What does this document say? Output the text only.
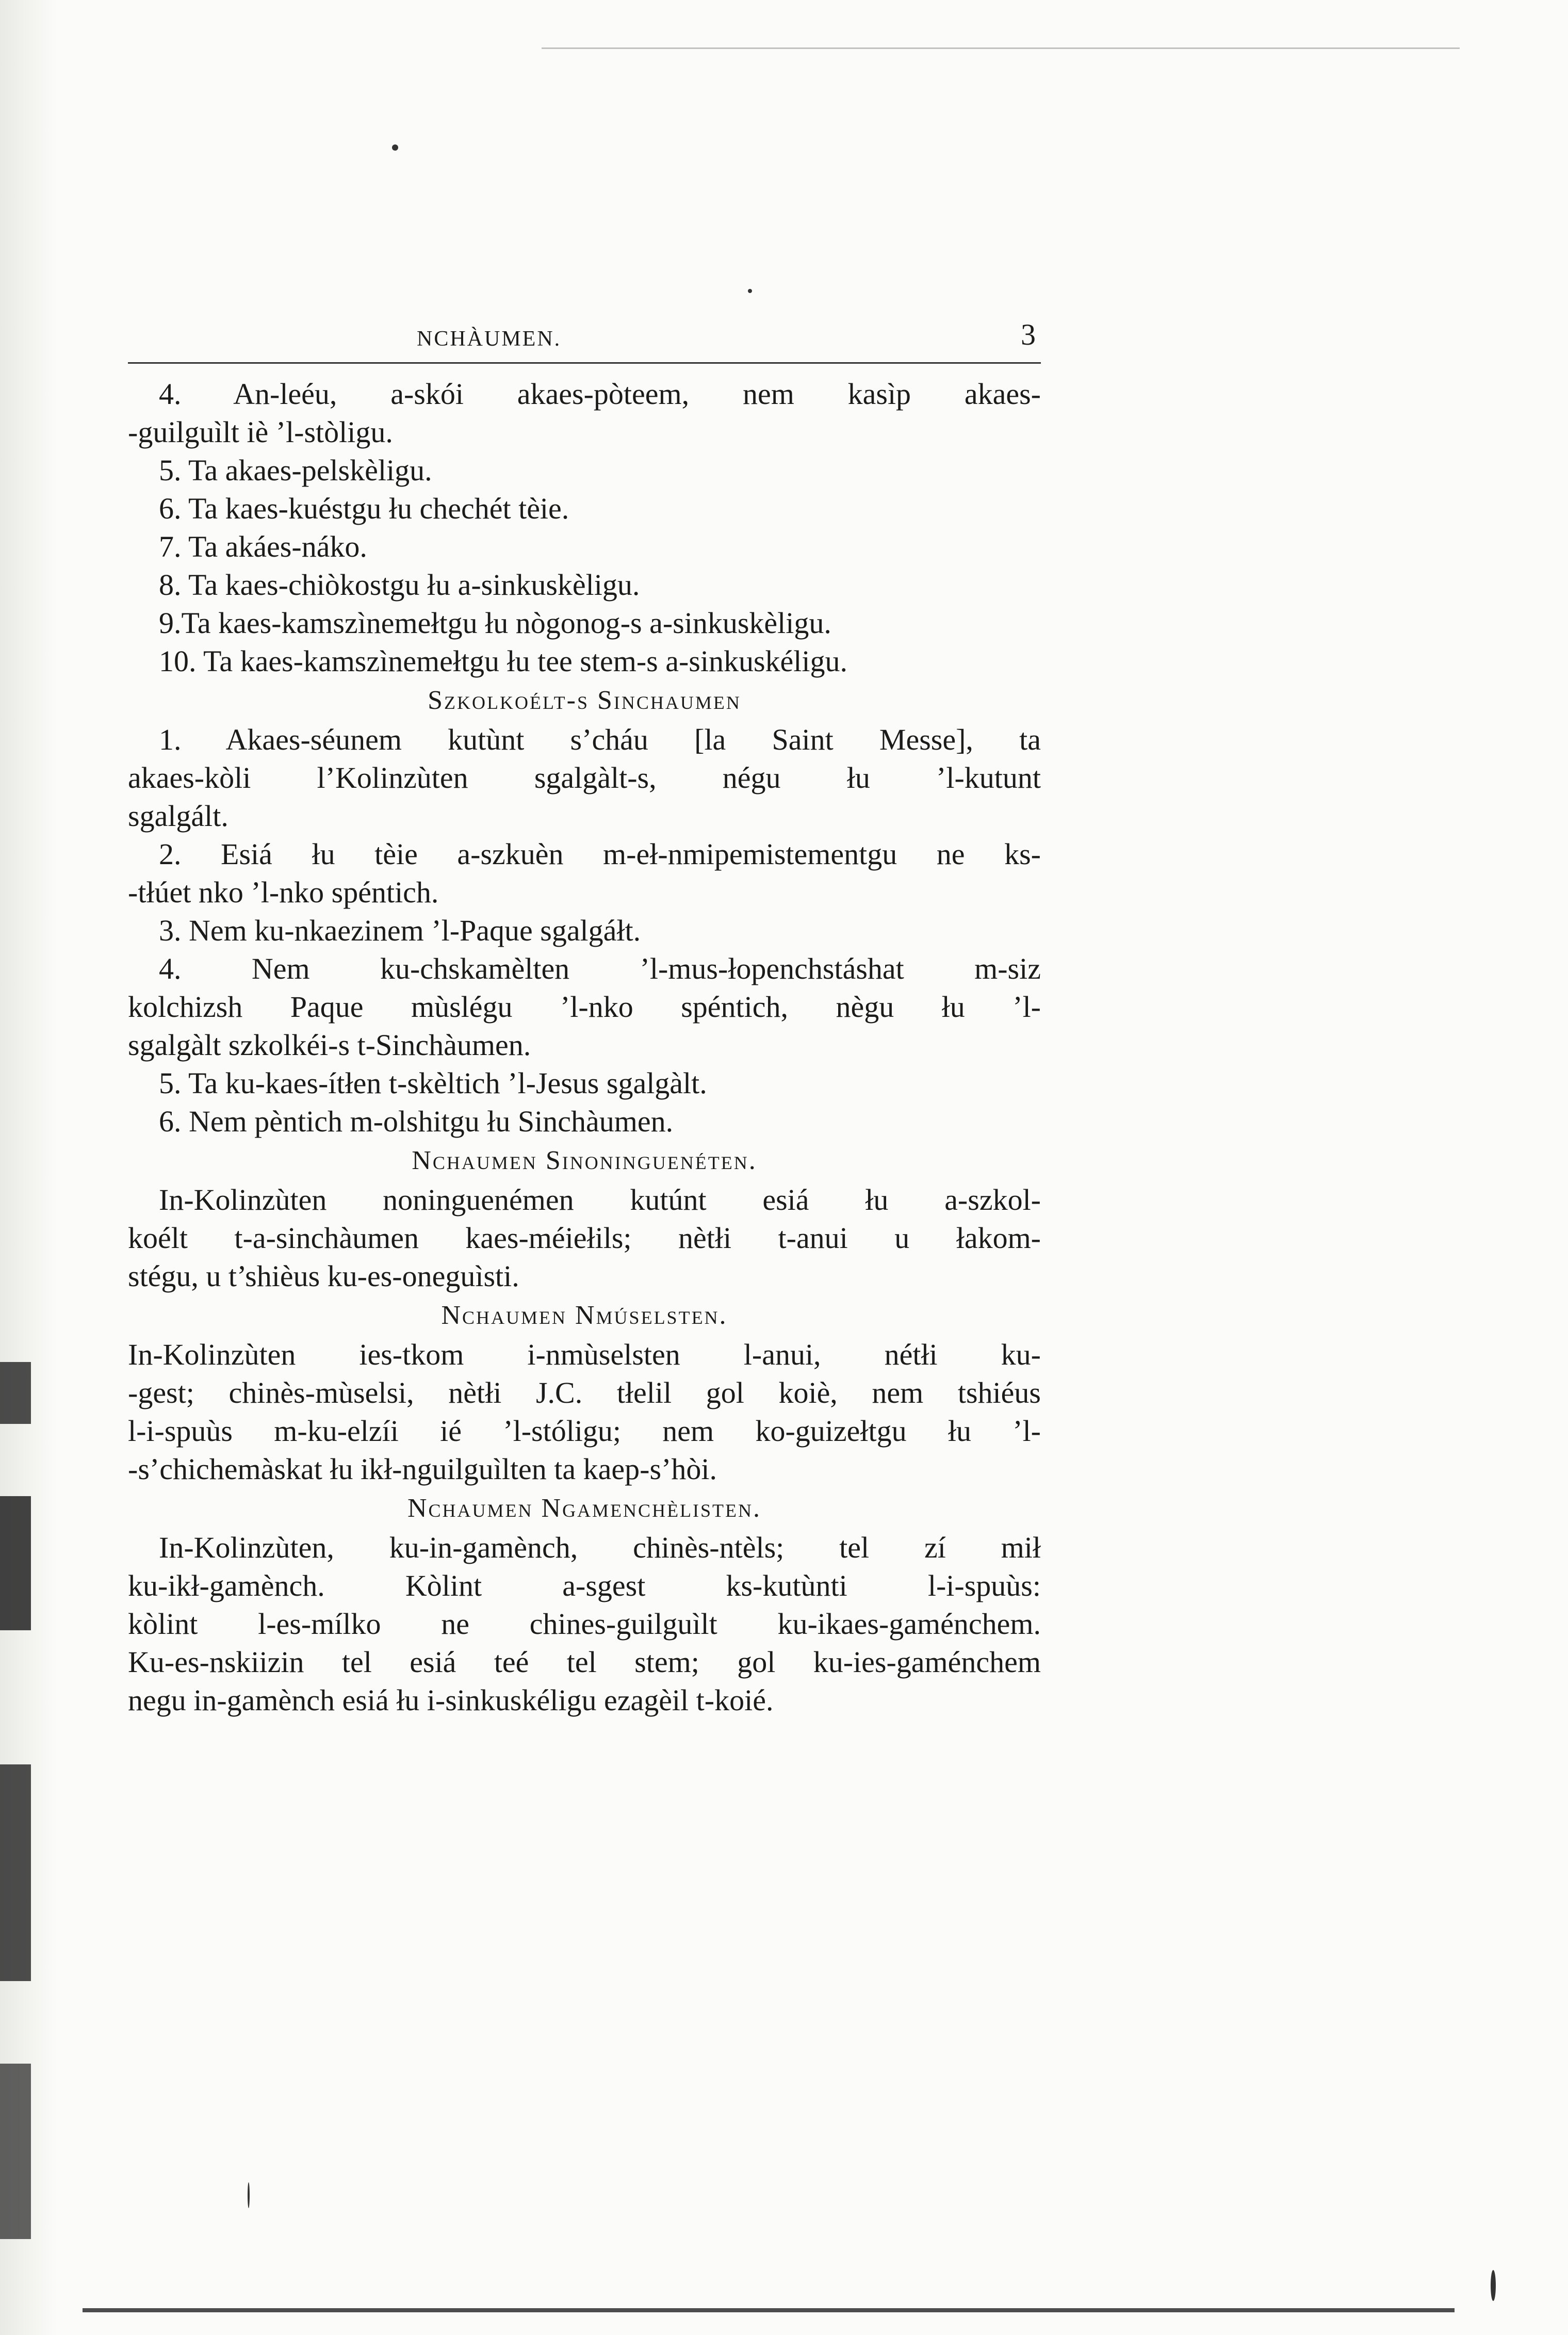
NCHÀUMEN.	3
4. An-leéu, a-skói akaes-pòteem, nem kasìp akaes-
-guilguìlt iè ’l-stòligu.
5. Ta akaes-pelskèligu.
6. Ta kaes-kuéstgu łu chechét tèie.
7. Ta akáes-náko.
8. Ta kaes-chiòkostgu łu a-sinkuskèligu.
9.Ta kaes-kamszìnemełtgu łu nògonog-s a-sinkuskèligu.
10. Ta kaes-kamszìnemełtgu łu tee stem-s a-sinkuskéligu.
Szkolkoélt-s Sinchaumen
1. Akaes-séunem kutùnt s’cháu [la Saint Messe], ta
akaes-kòli l’Kolinzùten sgalgàlt-s, négu łu ’l-kutunt
sgalgált.
2. Esiá łu tèie a-szkuèn m-eł-nmipemistementgu ne ks-
-tłúet nko ’l-nko spéntich.
3. Nem ku-nkaezinem ’l-Paque sgalgáłt.
4. Nem ku-chskamèlten ’l-mus-łopenchstáshat m-siz
kolchizsh Paque mùslégu ’l-nko spéntich, nègu łu ’l-
sgalgàlt szkolkéi-s t-Sinchàumen.
5. Ta ku-kaes-ítłen t-skèltich ’l-Jesus sgalgàlt.
6. Nem pèntich m-olshitgu łu Sinchàumen.
Nchaumen Sinoninguenéten.
In-Kolinzùten noninguenémen kutúnt esiá łu a-szkol-
koélt t-a-sinchàumen kaes-méiełils; nètłi t-anui u łakom-
stégu, u t’shièus ku-es-oneguìsti.
Nchaumen Nmúselsten.
In-Kolinzùten ies-tkom i-nmùselsten l-anui, nétłi ku-
-gest; chinès-mùselsi, nètłi J.C. tłelil gol koiè, nem tshiéus
l-i-spuùs m-ku-elzíi ié ’l-stóligu; nem ko-guizełtgu łu ’l-
-s’chichemàskat łu ikł-nguilguìlten ta kaep-s’hòi.
Nchaumen Ngamenchèlisten.
In-Kolinzùten, ku-in-gamènch, chinès-ntèls; tel zí mił
ku-ikł-gamènch. Kòlint a-sgest ks-kutùnti l-i-spuùs:
kòlint l-es-mílko ne chines-guilguìlt ku-ikaes-gaménchem.
Ku-es-nskiizin tel esiá teé tel stem; gol ku-ies-gaménchem
negu in-gamènch esiá łu i-sinkuskéligu ezagèil t-koié.
